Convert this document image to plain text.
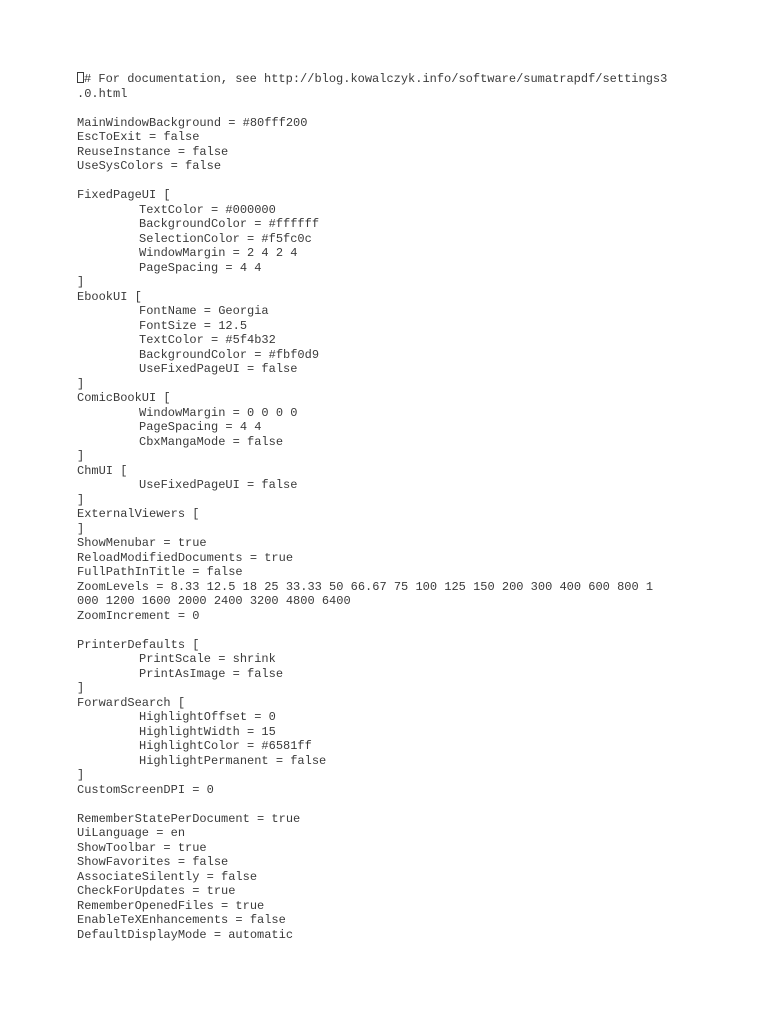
# For documentation, see http://blog.kowalczyk.info/software/sumatrapdf/settings3
.0.html
MainWindowBackground = #80fff200
EscToExit = false
ReuseInstance = false
UseSysColors = false
FixedPageUI [
TextColor = #000000
BackgroundColor = #ffffff
SelectionColor = #f5fc0c
WindowMargin = 2 4 2 4
PageSpacing = 4 4
]
EbookUI [
FontName = Georgia
FontSize = 12.5
TextColor = #5f4b32
BackgroundColor = #fbf0d9
UseFixedPageUI = false
]
ComicBookUI [
WindowMargin = 0 0 0 0
PageSpacing = 4 4
CbxMangaMode = false
]
ChmUI [
UseFixedPageUI = false
]
ExternalViewers [
]
ShowMenubar = true
ReloadModifiedDocuments = true
FullPathInTitle = false
ZoomLevels = 8.33 12.5 18 25 33.33 50 66.67 75 100 125 150 200 300 400 600 800 1
000 1200 1600 2000 2400 3200 4800 6400
ZoomIncrement = 0
PrinterDefaults [
PrintScale = shrink
PrintAsImage = false
]
ForwardSearch [
HighlightOffset = 0
HighlightWidth = 15
HighlightColor = #6581ff
HighlightPermanent = false
]
CustomScreenDPI = 0
RememberStatePerDocument = true
UiLanguage = en
ShowToolbar = true
ShowFavorites = false
AssociateSilently = false
CheckForUpdates = true
RememberOpenedFiles = true
EnableTeXEnhancements = false
DefaultDisplayMode = automatic
